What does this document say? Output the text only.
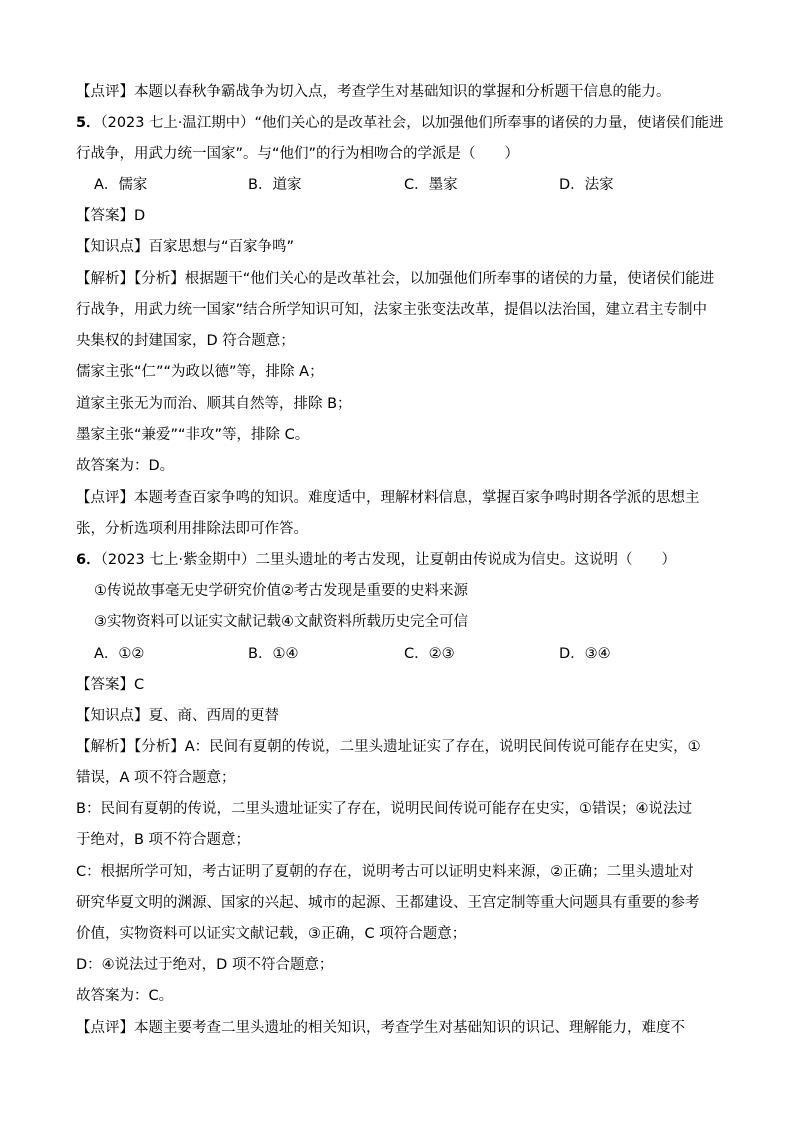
【点评】本题以春秋争霸战争为切入点，考查学生对基础知识的掌握和分析题干信息的能力。
5．（2023 七上·温江期中）“他们关心的是改革社会，以加强他们所奉事的诸侯的力量，使诸侯们能进
行战争，用武力统一国家”。与“他们”的行为相吻合的学派是（　　）
A．儒家	B．道家	C．墨家	D．法家
【答案】D
【知识点】百家思想与“百家争鸣”
【解析】【分析】根据题干“他们关心的是改革社会，以加强他们所奉事的诸侯的力量，使诸侯们能进
行战争，用武力统一国家”结合所学知识可知，法家主张变法改革，提倡以法治国，建立君主专制中
央集权的封建国家，D 符合题意；
儒家主张“仁”“为政以德”等，排除 A；
道家主张无为而治、顺其自然等，排除 B；
墨家主张“兼爱”“非攻”等，排除 C。
故答案为：D。
【点评】本题考查百家争鸣的知识。难度适中，理解材料信息，掌握百家争鸣时期各学派的思想主
张，分析选项利用排除法即可作答。
6．（2023 七上·紫金期中）二里头遗址的考古发现，让夏朝由传说成为信史。这说明（　　）
①传说故事毫无史学研究价值②考古发现是重要的史料来源
③实物资料可以证实文献记载④文献资料所载历史完全可信
A．①②	B．①④	C．②③	D．③④
【答案】C
【知识点】夏、商、西周的更替
【解析】【分析】A：民间有夏朝的传说，二里头遗址证实了存在，说明民间传说可能存在史实，①
错误，A 项不符合题意；
B：民间有夏朝的传说，二里头遗址证实了存在，说明民间传说可能存在史实，①错误；④说法过
于绝对，B 项不符合题意；
C：根据所学可知，考古证明了夏朝的存在，说明考古可以证明史料来源，②正确；二里头遗址对
研究华夏文明的渊源、国家的兴起、城市的起源、王都建设、王宫定制等重大问题具有重要的参考
价值，实物资料可以证实文献记载，③正确，C 项符合题意；
D：④说法过于绝对，D 项不符合题意；
故答案为：C。
【点评】本题主要考查二里头遗址的相关知识，考查学生对基础知识的识记、理解能力，难度不
